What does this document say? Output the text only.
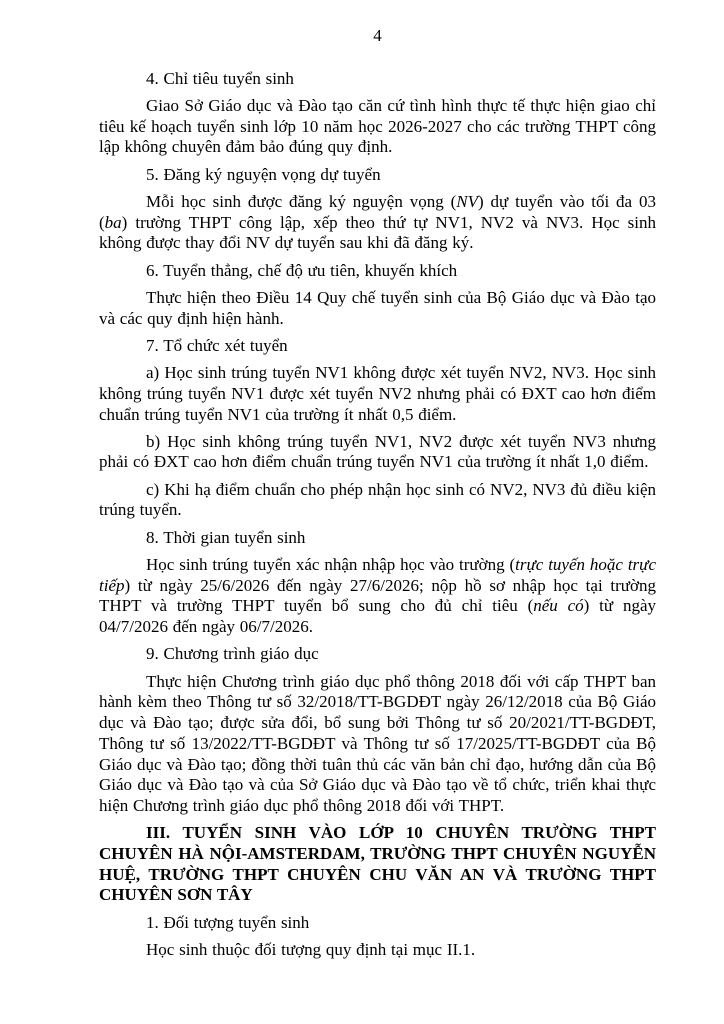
4

4. Chỉ tiêu tuyển sinh

Giao Sở Giáo dục và Đào tạo căn cứ tình hình thực tế thực hiện giao chỉ tiêu kế hoạch tuyển sinh lớp 10 năm học 2026-2027 cho các trường THPT công lập không chuyên đảm bảo đúng quy định.

5. Đăng ký nguyện vọng dự tuyển

Mỗi học sinh được đăng ký nguyện vọng (NV) dự tuyển vào tối đa 03 (ba) trường THPT công lập, xếp theo thứ tự NV1, NV2 và NV3. Học sinh không được thay đổi NV dự tuyển sau khi đã đăng ký.

6. Tuyển thẳng, chế độ ưu tiên, khuyến khích

Thực hiện theo Điều 14 Quy chế tuyển sinh của Bộ Giáo dục và Đào tạo và các quy định hiện hành.

7. Tổ chức xét tuyển

a) Học sinh trúng tuyển NV1 không được xét tuyển NV2, NV3. Học sinh không trúng tuyển NV1 được xét tuyển NV2 nhưng phải có ĐXT cao hơn điểm chuẩn trúng tuyển NV1 của trường ít nhất 0,5 điểm.

b) Học sinh không trúng tuyển NV1, NV2 được xét tuyển NV3 nhưng phải có ĐXT cao hơn điểm chuẩn trúng tuyển NV1 của trường ít nhất 1,0 điểm.

c) Khi hạ điểm chuẩn cho phép nhận học sinh có NV2, NV3 đủ điều kiện trúng tuyển.

8. Thời gian tuyển sinh

Học sinh trúng tuyển xác nhận nhập học vào trường (trực tuyến hoặc trực tiếp) từ ngày 25/6/2026 đến ngày 27/6/2026; nộp hồ sơ nhập học tại trường THPT và trường THPT tuyển bổ sung cho đủ chỉ tiêu (nếu có) từ ngày 04/7/2026 đến ngày 06/7/2026.

9. Chương trình giáo dục

Thực hiện Chương trình giáo dục phổ thông 2018 đối với cấp THPT ban hành kèm theo Thông tư số 32/2018/TT-BGDĐT ngày 26/12/2018 của Bộ Giáo dục và Đào tạo; được sửa đổi, bổ sung bởi Thông tư số 20/2021/TT-BGDĐT, Thông tư số 13/2022/TT-BGDĐT và Thông tư số 17/2025/TT-BGDĐT của Bộ Giáo dục và Đào tạo; đồng thời tuân thủ các văn bản chỉ đạo, hướng dẫn của Bộ Giáo dục và Đào tạo và của Sở Giáo dục và Đào tạo về tổ chức, triển khai thực hiện Chương trình giáo dục phổ thông 2018 đối với THPT.

III. TUYỂN SINH VÀO LỚP 10 CHUYÊN TRƯỜNG THPT CHUYÊN HÀ NỘI-AMSTERDAM, TRƯỜNG THPT CHUYÊN NGUYỄN HUỆ, TRƯỜNG THPT CHUYÊN CHU VĂN AN VÀ TRƯỜNG THPT CHUYÊN SƠN TÂY

1. Đối tượng tuyển sinh

Học sinh thuộc đối tượng quy định tại mục II.1.
